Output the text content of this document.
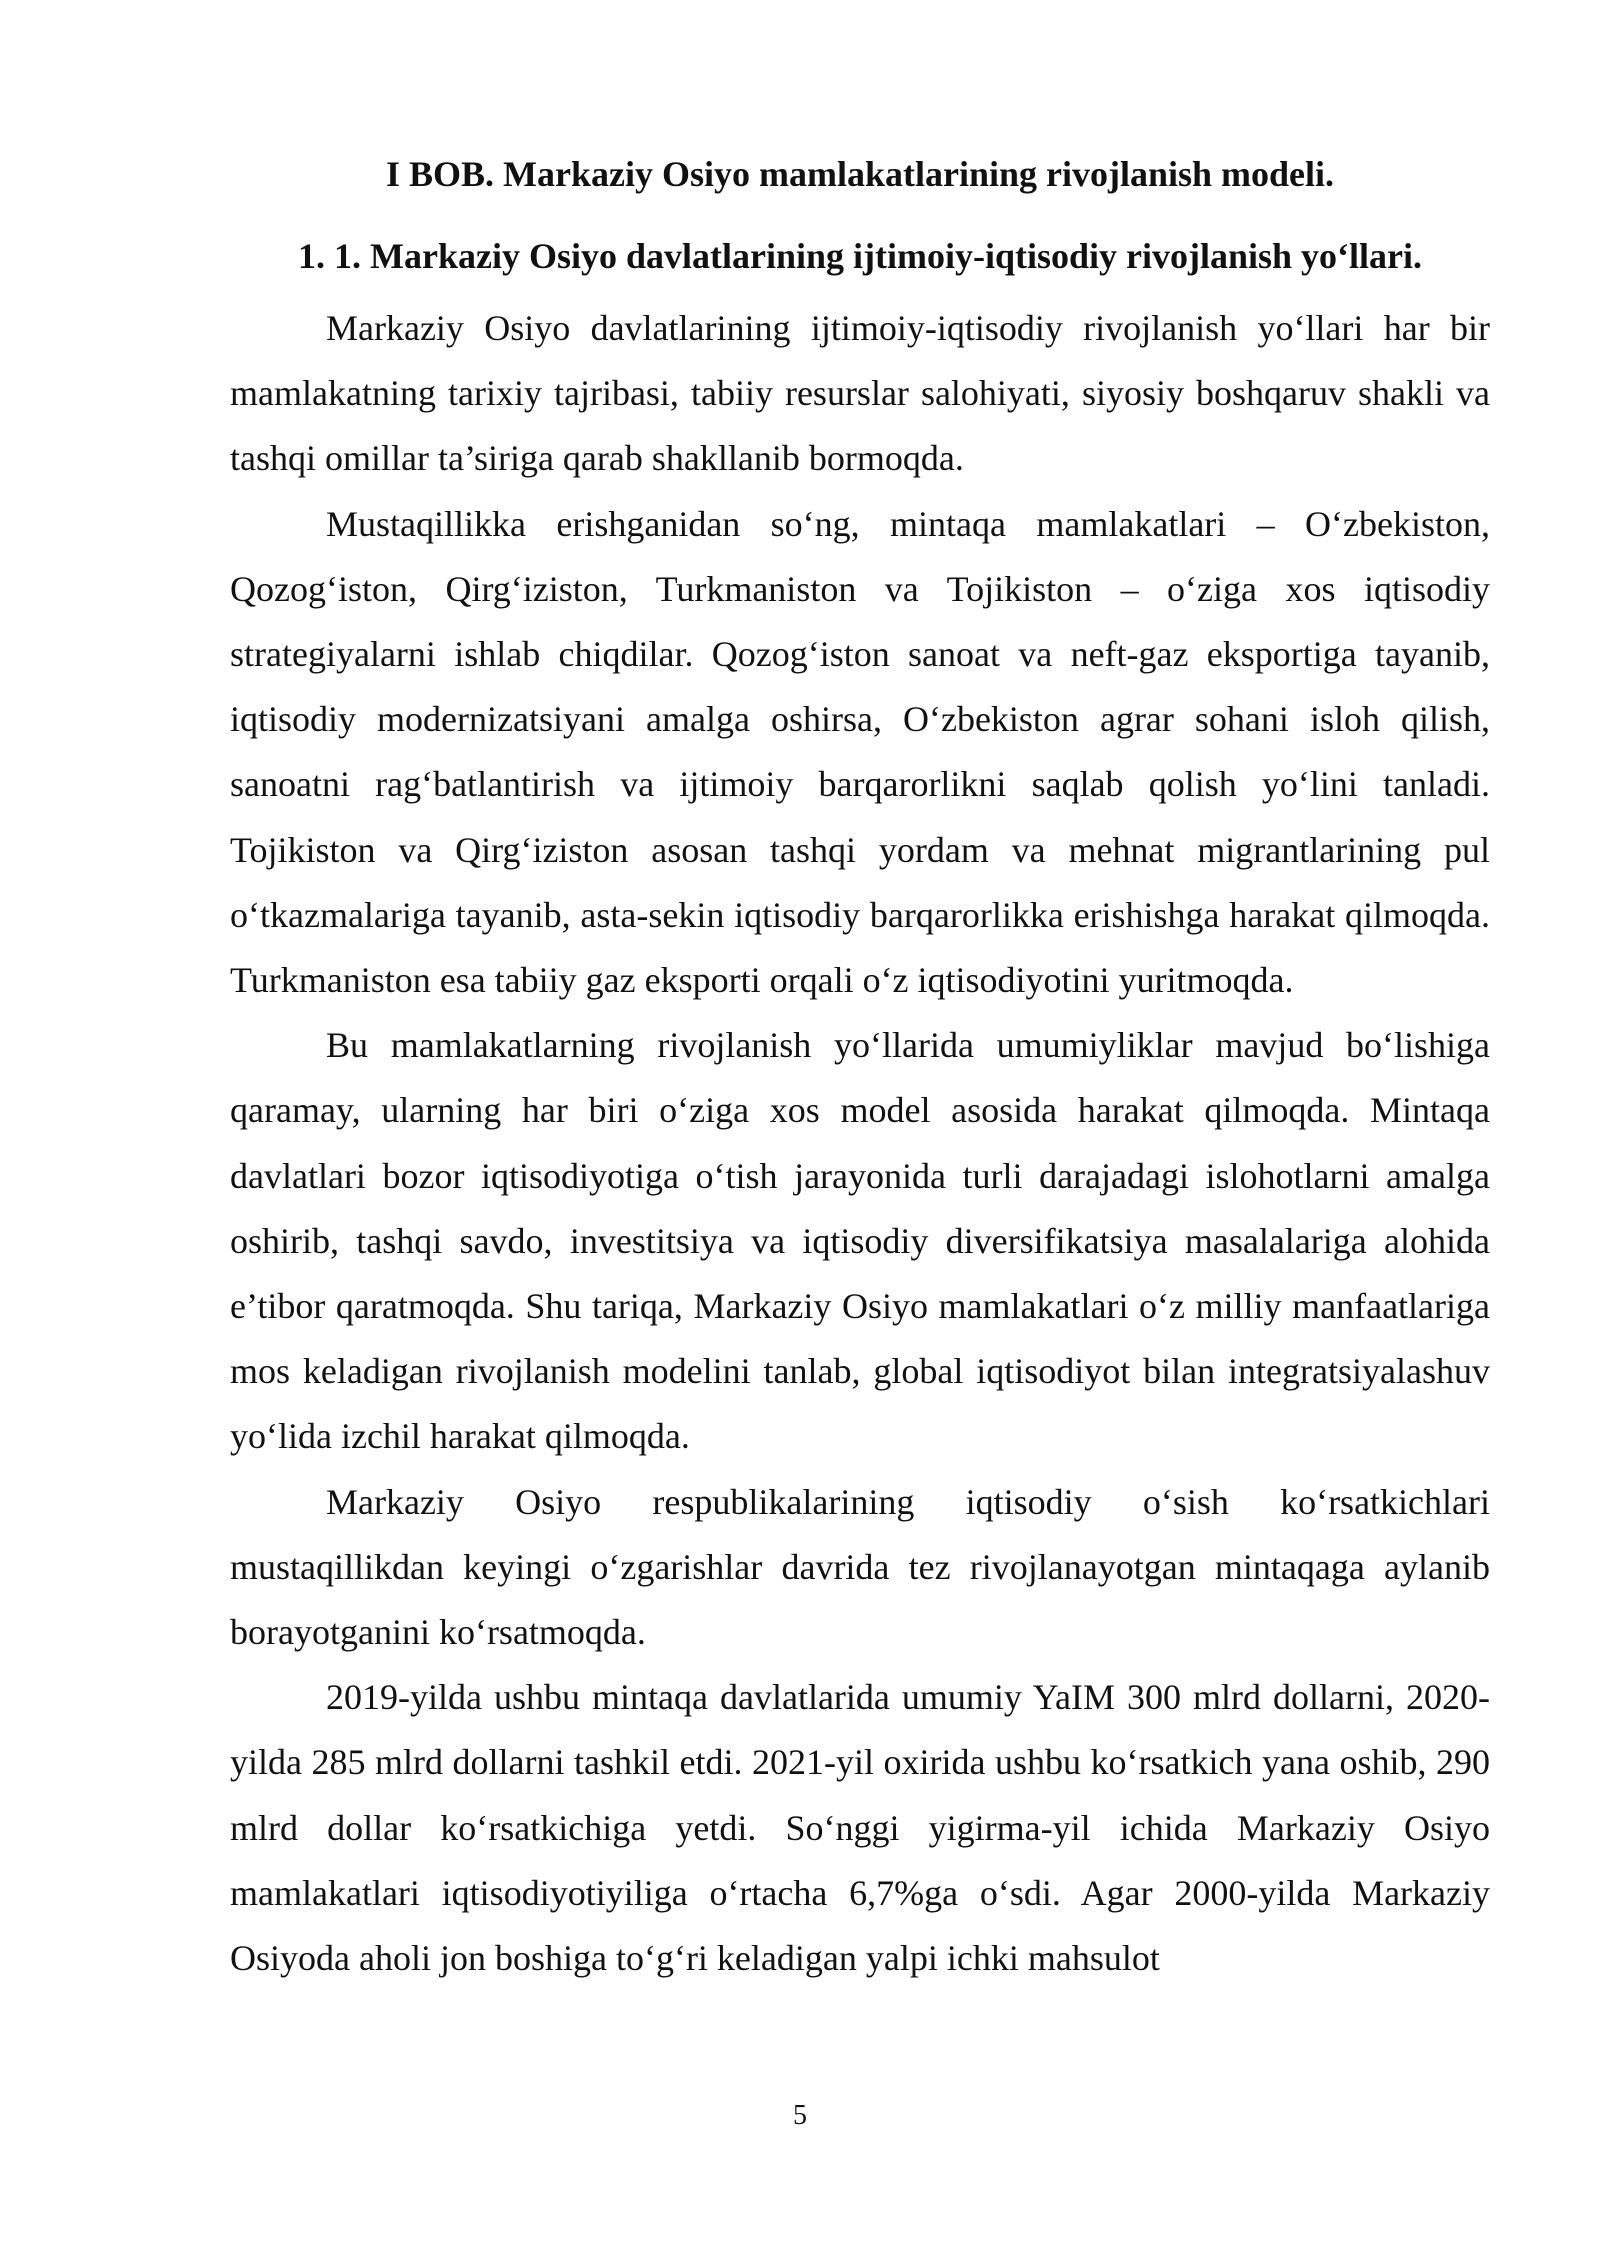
I BOB. Markaziy Osiyo mamlakatlarining rivojlanish modeli.
1. 1. Markaziy Osiyo davlatlarining ijtimoiy-iqtisodiy rivojlanish yo‘llari.

Markaziy Osiyo davlatlarining ijtimoiy-iqtisodiy rivojlanish yo‘llari har bir mamlakatning tarixiy tajribasi, tabiiy resurslar salohiyati, siyosiy boshqaruv shakli va tashqi omillar ta’siriga qarab shakllanib bormoqda.

Mustaqillikka erishganidan so‘ng, mintaqa mamlakatlari – O‘zbekiston, Qozog‘iston, Qirg‘iziston, Turkmaniston va Tojikiston – o‘ziga xos iqtisodiy strategiyalarni ishlab chiqdilar. Qozog‘iston sanoat va neft-gaz eksportiga tayanib, iqtisodiy modernizatsiyani amalga oshirsa, O‘zbekiston agrar sohani isloh qilish, sanoatni rag‘batlantirish va ijtimoiy barqarorlikni saqlab qolish yo‘lini tanladi. Tojikiston va Qirg‘iziston asosan tashqi yordam va mehnat migrantlarining pul o‘tkazmalariga tayanib, asta-sekin iqtisodiy barqarorlikka erishishga harakat qilmoqda. Turkmaniston esa tabiiy gaz eksporti orqali o‘z iqtisodiyotini yuritmoqda.

Bu mamlakatlarning rivojlanish yo‘llarida umumiyliklar mavjud bo‘lishiga qaramay, ularning har biri o‘ziga xos model asosida harakat qilmoqda. Mintaqa davlatlari bozor iqtisodiyotiga o‘tish jarayonida turli darajadagi islohotlarni amalga oshirib, tashqi savdo, investitsiya va iqtisodiy diversifikatsiya masalalariga alohida e’tibor qaratmoqda. Shu tariqa, Markaziy Osiyo mamlakatlari o‘z milliy manfaatlariga mos keladigan rivojlanish modelini tanlab, global iqtisodiyot bilan integratsiyalashuv yo‘lida izchil harakat qilmoqda.

Markaziy Osiyo respublikalarining iqtisodiy o‘sish ko‘rsatkichlari mustaqillikdan keyingi o‘zgarishlar davrida tez rivojlanayotgan mintaqaga aylanib borayotganini ko‘rsatmoqda.

2019-yilda ushbu mintaqa davlatlarida umumiy YaIM 300 mlrd dollarni, 2020-yilda 285 mlrd dollarni tashkil etdi. 2021-yil oxirida ushbu ko‘rsatkich yana oshib, 290 mlrd dollar ko‘rsatkichiga yetdi. So‘nggi yigirma-yil ichida Markaziy Osiyo mamlakatlari iqtisodiyotiyiliga o‘rtacha 6,7%ga o‘sdi. Agar 2000-yilda Markaziy Osiyoda aholi jon boshiga to‘g‘ri keladigan yalpi ichki mahsulot

5
